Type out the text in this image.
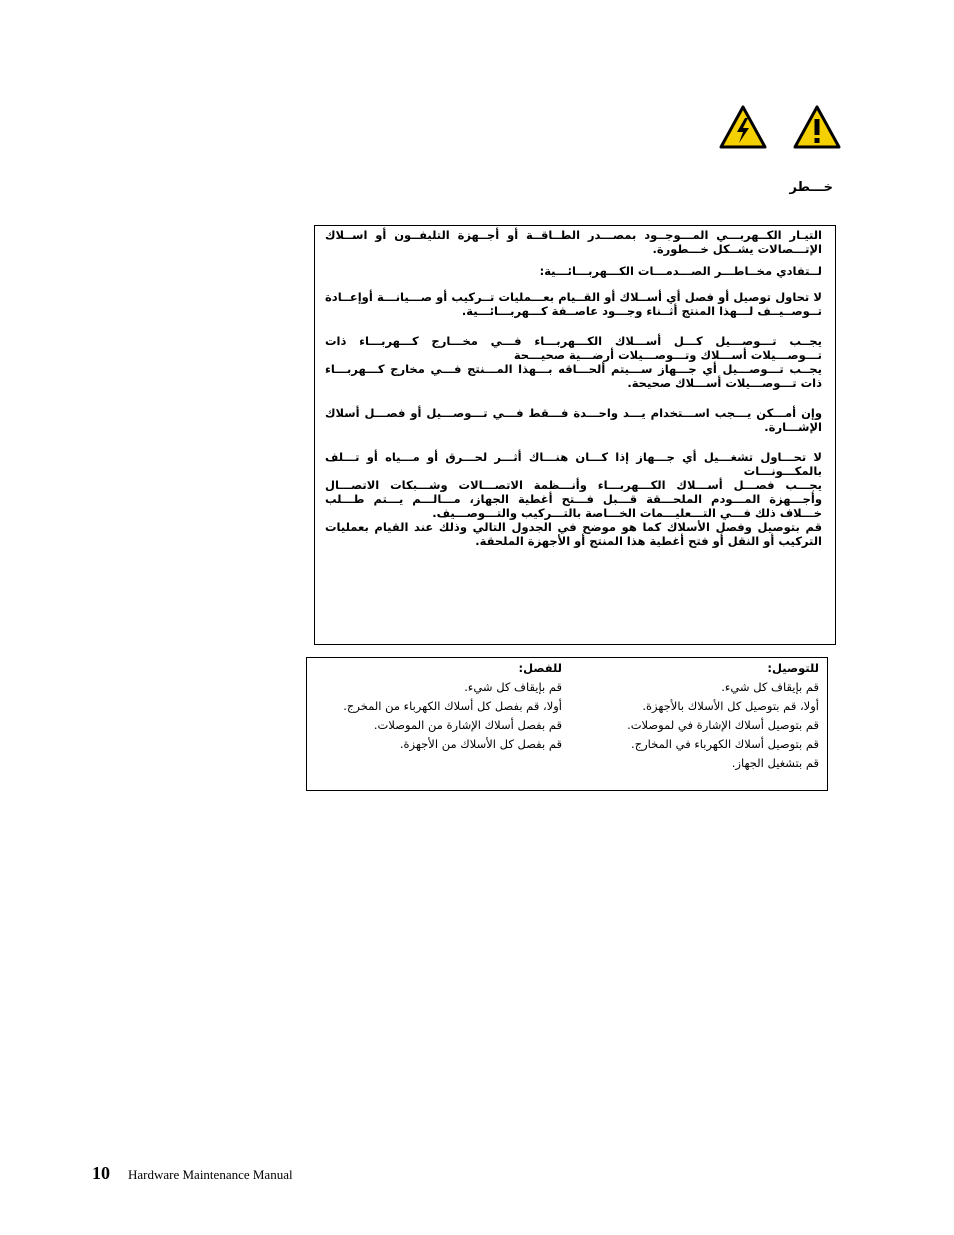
خـــطر

التيـار الكــهربـــي المـــوجــود بمصـــدر الطــاقــة أو أجــهزة التليفــون أو اســلاك الإتـــصالات يشــكل خـــطورة.

لــتفادي مخــاطـــر الصـــدمـــات الكـــهربـــائـــية:

لا تحاول توصيل أو فصل أي أســلاك أو القــيام بعـــمليات تــركيب أو صـــيانـــة أوإعــادة تــوصــيــف لـــهذا المنتج أثــناء وجـــود عاصــفة كـــهربـــائـــية.

يجــب تـــوصـــيل كـــل أســـلاك الكـــهربـــاء فـــي مخـــارج كـــهربـــاء ذات تـــوصـــيلات أســـلاك وتـــوصـــيلات أرضـــية صحيـــحة

يجــب تـــوصـــيل أي جـــهاز ســـيتم ألحـــاقه بـــهذا المـــنتج فـــي مخارج كـــهربـــاء ذات تـــوصـــيلات أســـلاك صحيحة.

وإن أمـــكن يـــجب اســـتخدام يـــد واحـــدة فـــقط فـــي تـــوصـــيل أو فصـــل أسلاك الإشـــارة.

لا تحـــاول تشغـــيل أي جـــهاز إذا كـــان هنـــاك أثـــر لحـــرق أو مـــياه أو تـــلف بالمكـــونـــات

يجـــب فصـــل أســـلاك الكـــهربـــاء وأنـــظمة الاتصـــالات وشـــبكات الاتصـــال وأجـــهزة المـــودم الملحـــقة قـــبل فـــتح أغطية الجهاز، مـــالـــم يـــتم طـــلب خـــلاف ذلك فـــي التـــعليـــمات الخـــاصة بالتـــركيب والتـــوصـــيف.

قم بتوصيل وفصل الأسلاك كما هو موضح في الجدول التالي وذلك عند القيام بعمليات التركيب أو النقل أو فتح أغطية هذا المنتج أو الأجهزة الملحقة.

للتوصيل:
قم بإيقاف كل شيء.
أولا، قم بتوصيل كل الأسلاك بالأجهزة.
قم بتوصيل أسلاك الإشارة في لموصلات.
قم بتوصيل أسلاك الكهرباء في المخارج.
قم بتشغيل الجهاز.
للفصل:
قم بإيقاف كل شيء.
أولا، قم بفصل كل أسلاك الكهرباء من المخرج.
قم بفصل أسلاك الإشارة من الموصلات.
قم بفصل كل الأسلاك من الأجهزة.
10 Hardware Maintenance Manual
